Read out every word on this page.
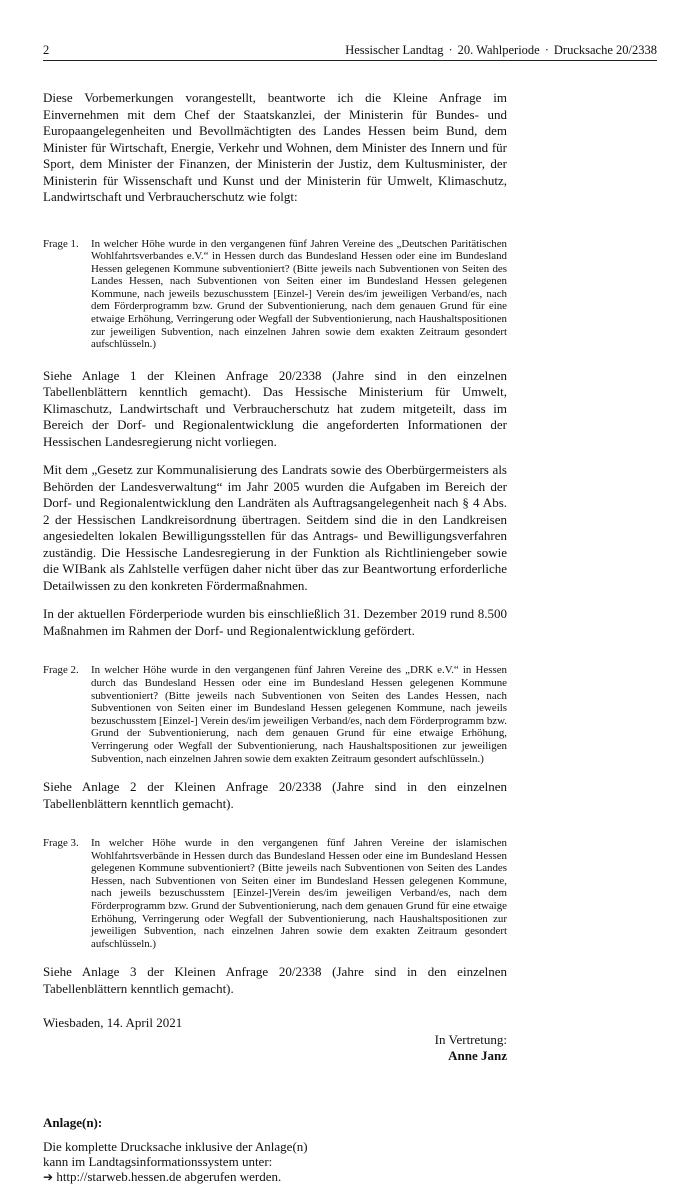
2	Hessischer Landtag · 20. Wahlperiode · Drucksache 20/2338

Diese Vorbemerkungen vorangestellt, beantworte ich die Kleine Anfrage im Einvernehmen mit dem Chef der Staatskanzlei, der Ministerin für Bundes- und Europaangelegenheiten und Bevollmächtigten des Landes Hessen beim Bund, dem Minister für Wirtschaft, Energie, Verkehr und Wohnen, dem Minister des Innern und für Sport, dem Minister der Finanzen, der Ministerin der Justiz, dem Kultusminister, der Ministerin für Wissenschaft und Kunst und der Ministerin für Umwelt, Klimaschutz, Landwirtschaft und Verbraucherschutz wie folgt:

Frage 1.	In welcher Höhe wurde in den vergangenen fünf Jahren Vereine des „Deutschen Paritätischen Wohlfahrtsverbandes e.V.“ in Hessen durch das Bundesland Hessen oder eine im Bundesland Hessen gelegenen Kommune subventioniert? (Bitte jeweils nach Subventionen von Seiten des Landes Hessen, nach Subventionen von Seiten einer im Bundesland Hessen gelegenen Kommune, nach jeweils bezuschusstem [Einzel-] Verein des/im jeweiligen Verband/es, nach dem Förderprogramm bzw. Grund der Subventionierung, nach dem genauen Grund für eine etwaige Erhöhung, Verringerung oder Wegfall der Subventionierung, nach Haushaltspositionen zur jeweiligen Subvention, nach einzelnen Jahren sowie dem exakten Zeitraum gesondert aufschlüsseln.)

Siehe Anlage 1 der Kleinen Anfrage 20/2338 (Jahre sind in den einzelnen Tabellenblättern kenntlich gemacht). Das Hessische Ministerium für Umwelt, Klimaschutz, Landwirtschaft und Verbraucherschutz hat zudem mitgeteilt, dass im Bereich der Dorf- und Regionalentwicklung die angeforderten Informationen der Hessischen Landesregierung nicht vorliegen.

Mit dem „Gesetz zur Kommunalisierung des Landrats sowie des Oberbürgermeisters als Behörden der Landesverwaltung“ im Jahr 2005 wurden die Aufgaben im Bereich der Dorf- und Regionalentwicklung den Landräten als Auftragsangelegenheit nach § 4 Abs. 2 der Hessischen Landkreisordnung übertragen. Seitdem sind die in den Landkreisen angesiedelten lokalen Bewilligungsstellen für das Antrags- und Bewilligungsverfahren zuständig. Die Hessische Landesregierung in der Funktion als Richtliniengeber sowie die WIBank als Zahlstelle verfügen daher nicht über das zur Beantwortung erforderliche Detailwissen zu den konkreten Fördermaßnahmen.

In der aktuellen Förderperiode wurden bis einschließlich 31. Dezember 2019 rund 8.500 Maßnahmen im Rahmen der Dorf- und Regionalentwicklung gefördert.

Frage 2.	In welcher Höhe wurde in den vergangenen fünf Jahren Vereine des „DRK e.V.“ in Hessen durch das Bundesland Hessen oder eine im Bundesland Hessen gelegenen Kommune subventioniert? (Bitte jeweils nach Subventionen von Seiten des Landes Hessen, nach Subventionen von Seiten einer im Bundesland Hessen gelegenen Kommune, nach jeweils bezuschusstem [Einzel-] Verein des/im jeweiligen Verband/es, nach dem Förderprogramm bzw. Grund der Subventionierung, nach dem genauen Grund für eine etwaige Erhöhung, Verringerung oder Wegfall der Subventionierung, nach Haushaltspositionen zur jeweiligen Subvention, nach einzelnen Jahren sowie dem exakten Zeitraum gesondert aufschlüsseln.)

Siehe Anlage 2 der Kleinen Anfrage 20/2338 (Jahre sind in den einzelnen Tabellenblättern kenntlich gemacht).

Frage 3.	In welcher Höhe wurde in den vergangenen fünf Jahren Vereine der islamischen Wohlfahrtsverbände in Hessen durch das Bundesland Hessen oder eine im Bundesland Hessen gelegenen Kommune subventioniert? (Bitte jeweils nach Subventionen von Seiten des Landes Hessen, nach Subventionen von Seiten einer im Bundesland Hessen gelegenen Kommune, nach jeweils bezuschusstem [Einzel-]Verein des/im jeweiligen Verband/es, nach dem Förderprogramm bzw. Grund der Subventionierung, nach dem genauen Grund für eine etwaige Erhöhung, Verringerung oder Wegfall der Subventionierung, nach Haushaltspositionen zur jeweiligen Subvention, nach einzelnen Jahren sowie dem exakten Zeitraum gesondert aufschlüsseln.)

Siehe Anlage 3 der Kleinen Anfrage 20/2338 (Jahre sind in den einzelnen Tabellenblättern kenntlich gemacht).

Wiesbaden, 14. April 2021

In Vertretung:
Anne Janz
Anlage(n):
Die komplette Drucksache inklusive der Anlage(n)
kann im Landtagsinformationssystem unter:
➔ http://starweb.hessen.de abgerufen werden.
